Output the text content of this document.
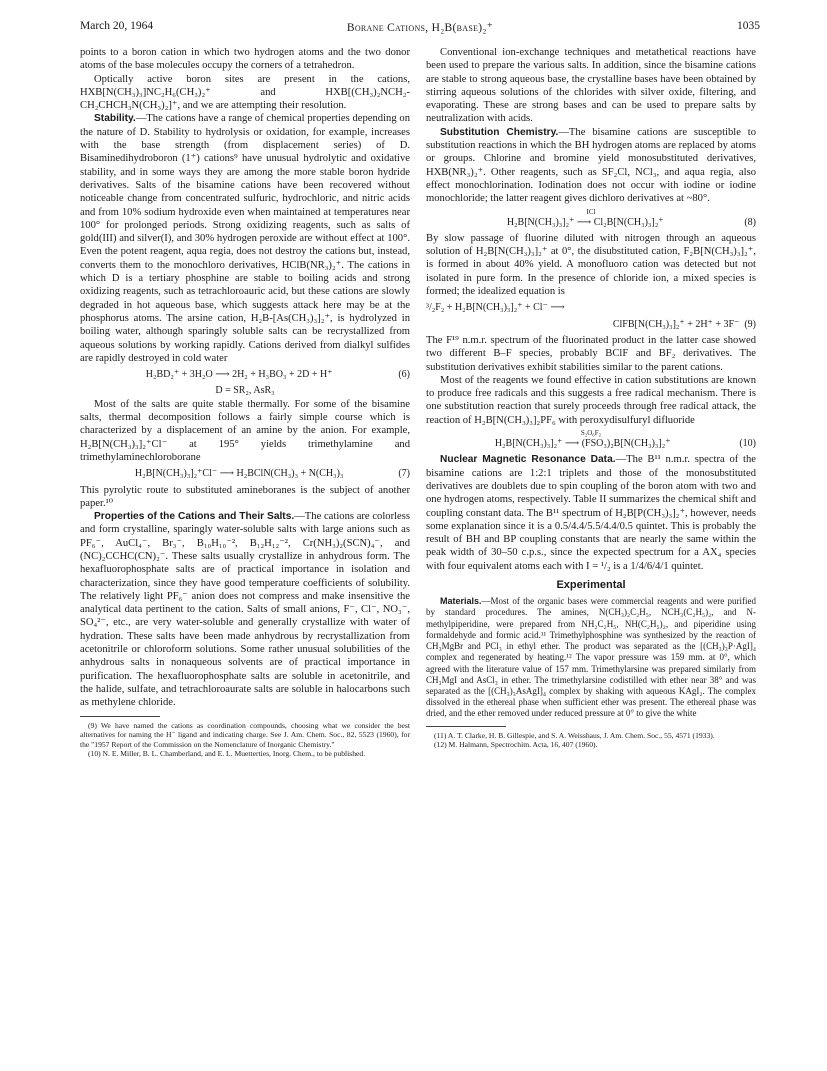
March 20, 1964	Borane Cations, H₂B(base)₂⁺	1035

points to a boron cation in which two hydrogen atoms and the two donor atoms of the base molecules occupy the corners of a tetrahedron.

Optically active boron sites are present in the cations, HXB[N(CH₃)₃]NC₂H₆(CH₃)₂⁺ and HXB[(CH₃)₂NCH₂-CH₂CHCH₃N(CH₃)₂]⁺, and we are attempting their resolution.

Stability.—The cations have a range of chemical properties depending on the nature of D. Stability to hydrolysis or oxidation, for example, increases with the base strength (from displacement series) of D. Bisaminedihydroboron (1⁺) cations⁹ have unusual hydrolytic and oxidative stability, and in some ways they are among the more stable boron hydride derivatives. Salts of the bisamine cations have been recovered without noticeable change from concentrated sulfuric, hydrochloric, and nitric acids and from 10% sodium hydroxide even when maintained at temperatures near 100° for prolonged periods. Strong oxidizing reagents, such as salts of gold(III) and silver(I), and 30% hydrogen peroxide are without effect at 100°. Even the potent reagent, aqua regia, does not destroy the cations but, instead, converts them to the monochloro derivatives, HClB(NR₃)₂⁺. The cations in which D is a tertiary phosphine are stable to boiling acids and strong oxidizing reagents, such as tetrachloroauric acid, but these cations are slowly degraded in hot aqueous base, which suggests attack here may be at the phosphorus atoms. The arsine cation, H₂B-[As(CH₃)₃]₂⁺, is hydrolyzed in boiling water, although sparingly soluble salts can be recrystallized from aqueous solutions by working rapidly. Cations derived from dialkyl sulfides are rapidly destroyed in cold water

H₂BD₂⁺ + 3H₂O ⟶ 2H₂ + H₃BO₃ + 2D + H⁺	(6)
D = SR₂, AsR₃

Most of the salts are quite stable thermally. For some of the bisamine salts, thermal decomposition follows a fairly simple course which is characterized by a displacement of an amine by the anion. For example, H₂B[N(CH₃)₃]₂⁺Cl⁻ at 195° yields trimethylamine and trimethylaminechloroborane

H₂B[N(CH₃)₃]₂⁺Cl⁻ ⟶ H₂BClN(CH₃)₃ + N(CH₃)₃	(7)

This pyrolytic route to substituted amineboranes is the subject of another paper.¹⁰

Properties of the Cations and Their Salts.—The cations are colorless and form crystalline, sparingly water-soluble salts with large anions such as PF₆⁻, AuCl₄⁻, Br₃⁻, B₁₀H₁₀⁻², B₁₂H₁₂⁻², Cr(NH₃)₂(SCN)₄⁻, and (NC)₂CCHC(CN)₂⁻. These salts usually crystallize in anhydrous form. The hexafluorophosphate salts are of practical importance in isolation and characterization, since they have good temperature coefficients of solubility. The relatively light PF₆⁻ anion does not compress and make insensitive the analytical data pertinent to the cation. Salts of small anions, F⁻, Cl⁻, NO₃⁻, SO₄²⁻, etc., are very water-soluble and generally crystallize with water of hydration. These salts have been made anhydrous by recrystallization from acetonitrile or chloroform solutions. Some rather unusual solubilities of the anhydrous salts in nonaqueous solvents are of practical importance in purification. The hexafluorophosphate salts are soluble in acetonitrile, and the halide, sulfate, and tetrachloroaurate salts are soluble in halocarbons such as methylene chloride.

(9) We have named the cations as coordination compounds, choosing what we consider the best alternatives for naming the H⁻ ligand and indicating charge. See J. Am. Chem. Soc., 82, 5523 (1960), for the "1957 Report of the Commission on the Nomenclature of Inorganic Chemistry."

(10) N. E. Miller, B. L. Chamberland, and E. L. Muetterties, Inorg. Chem., to be published.

Conventional ion-exchange techniques and metathetical reactions have been used to prepare the various salts. In addition, since the bisamine cations are stable to strong aqueous base, the crystalline bases have been obtained by stirring aqueous solutions of the chlorides with silver oxide, filtering, and evaporating. These are strong bases and can be used to prepare salts by neutralization with acids.

Substitution Chemistry.—The bisamine cations are susceptible to substitution reactions in which the BH hydrogen atoms are replaced by atoms or groups. Chlorine and bromine yield monosubstituted derivatives, HXB(NR₃)₂⁺. Other reagents, such as SF₂Cl, NCl₃, and aqua regia, also effect monochlorination. Iodination does not occur with iodine or iodine monochloride; the latter reagent gives dichloro derivatives at ~80°.

ICl
H₂B[N(CH₃)₃]₂⁺ ⟶ Cl₂B[N(CH₃)₃]₂⁺	(8)

By slow passage of fluorine diluted with nitrogen through an aqueous solution of H₂B[N(CH₃)₃]₂⁺ at 0°, the disubstituted cation, F₂B[N(CH₃)₃]₂⁺, is formed in about 40% yield. A monofluoro cation was detected but not isolated in pure form. In the presence of chloride ion, a mixed species is formed; the idealized equation is

³/₂F₂ + H₂B[N(CH₃)₃]₂⁺ + Cl⁻ ⟶
ClFB[N(CH₃)₃]₂⁺ + 2H⁺ + 3F⁻ (9)

The F¹⁹ n.m.r. spectrum of the fluorinated product in the latter case showed two different B–F species, probably BClF and BF₂ derivatives. The substitution derivatives exhibit stabilities similar to the parent cations.

Most of the reagents we found effective in cation substitutions are known to produce free radicals and this suggests a free radical mechanism. There is one substitution reaction that surely proceeds through free radical attack, the reaction of H₂B[N(CH₃)₃]₂PF₆ with peroxydisulfuryl difluoride

S₂O₆F₂
H₂B[N(CH₃)₃]₂⁺ ⟶ (FSO₃)₂B[N(CH₃)₃]₂⁺	(10)

Nuclear Magnetic Resonance Data.—The B¹¹ n.m.r. spectra of the bisamine cations are 1:2:1 triplets and those of the monosubstituted derivatives are doublets due to spin coupling of the boron atom with two and one hydrogen atoms, respectively. Table II summarizes the chemical shift and coupling constant data. The B¹¹ spectrum of H₂B[P(CH₃)₃]₂⁺, however, needs some explanation since it is a 0.5/4.4/5.5/4.4/0.5 quintet. This is probably the result of BH and BP coupling constants that are nearly the same within the peak width of 30–50 c.p.s., since the expected spectrum for a AX₄ species with four equivalent atoms each with I = ¹/₂ is a 1/4/6/4/1 quintet.

Experimental

Materials.—Most of the organic bases were commercial reagents and were purified by standard procedures. The amines, N(CH₃)₂C₂H₅, NCH₃(C₂H₅)₂, and N-methylpiperidine, were prepared from NH₂C₂H₅, NH(C₂H₅)₂, and piperidine using formaldehyde and formic acid.¹¹ Trimethylphosphine was synthesized by the reaction of CH₃MgBr and PCl₃ in ethyl ether. The product was separated as the [(CH₃)₃P·AgI]₄ complex and regenerated by heating.¹² The vapor pressure was 159 mm. at 0°, which agreed with the literature value of 157 mm. Trimethylarsine was prepared similarly from CH₃MgI and AsCl₃ in ether. The trimethylarsine codistilled with ether near 38° and was separated as the [(CH₃)₃AsAgI]₄ complex by shaking with aqueous KAgI₂. The complex dissolved in the ethereal phase when sufficient ether was present. The ethereal phase was dried, and the ether removed under reduced pressure at 0° to give the white

(11) A. T. Clarke, H. B. Gillespie, and S. A. Weisshaus, J. Am. Chem. Soc., 55, 4571 (1933).

(12) M. Halmann, Spectrochim. Acta, 16, 407 (1960).
